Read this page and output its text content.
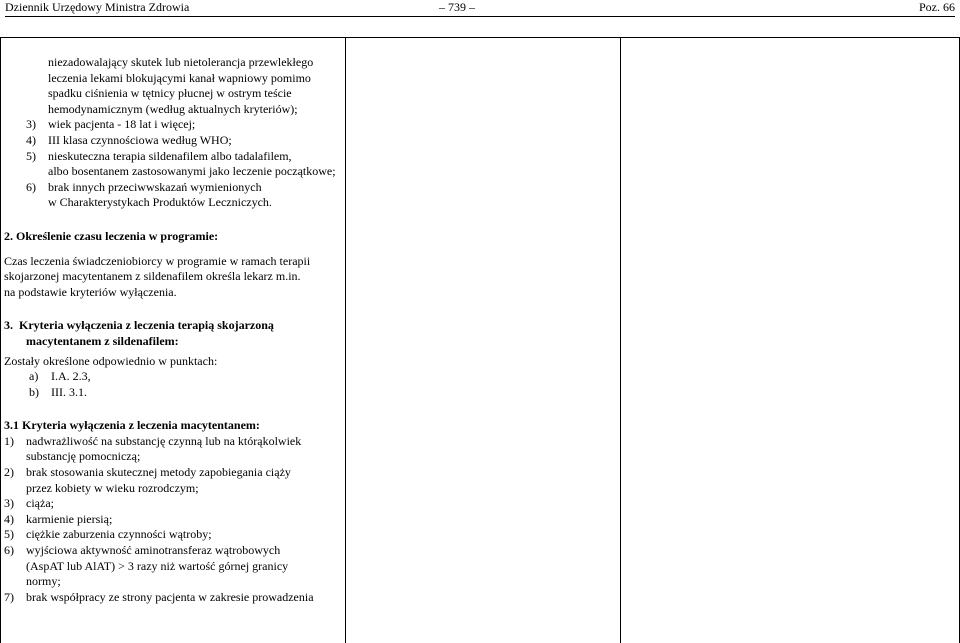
Dziennik Urzędowy Ministra Zdrowia	– 739 –	Poz. 66
niezadowalający skutek lub nietolerancja przewlekłego
leczenia lekami blokującymi kanał wapniowy pomimo
spadku ciśnienia w tętnicy płucnej w ostrym teście
hemodynamicznym (według aktualnych kryteriów);
3) wiek pacjenta - 18 lat i więcej;
4) III klasa czynnościowa według WHO;
5) nieskuteczna terapia sildenafilem albo tadalafilem,
albo bosentanem zastosowanymi jako leczenie początkowe;
6) brak innych przeciwwskazań wymienionych
w Charakterystykach Produktów Leczniczych.
2. Określenie czasu leczenia w programie:
Czas leczenia świadczeniobiorcy w programie w ramach terapii
skojarzonej macytentanem z sildenafilem określa lekarz m.in.
na podstawie kryteriów wyłączenia.
3. Kryteria wyłączenia z leczenia terapią skojarzoną
macytentanem z sildenafilem:
Zostały określone odpowiednio w punktach:
a) I.A. 2.3,
b) III. 3.1.
3.1 Kryteria wyłączenia z leczenia macytentanem:
1) nadwrażliwość na substancję czynną lub na którąkolwiek
substancję pomocniczą;
2) brak stosowania skutecznej metody zapobiegania ciąży
przez kobiety w wieku rozrodczym;
3) ciąża;
4) karmienie piersią;
5) ciężkie zaburzenia czynności wątroby;
6) wyjściowa aktywność aminotransferaz wątrobowych
(AspAT lub AlAT) > 3 razy niż wartość górnej granicy
normy;
7) brak współpracy ze strony pacjenta w zakresie prowadzenia
